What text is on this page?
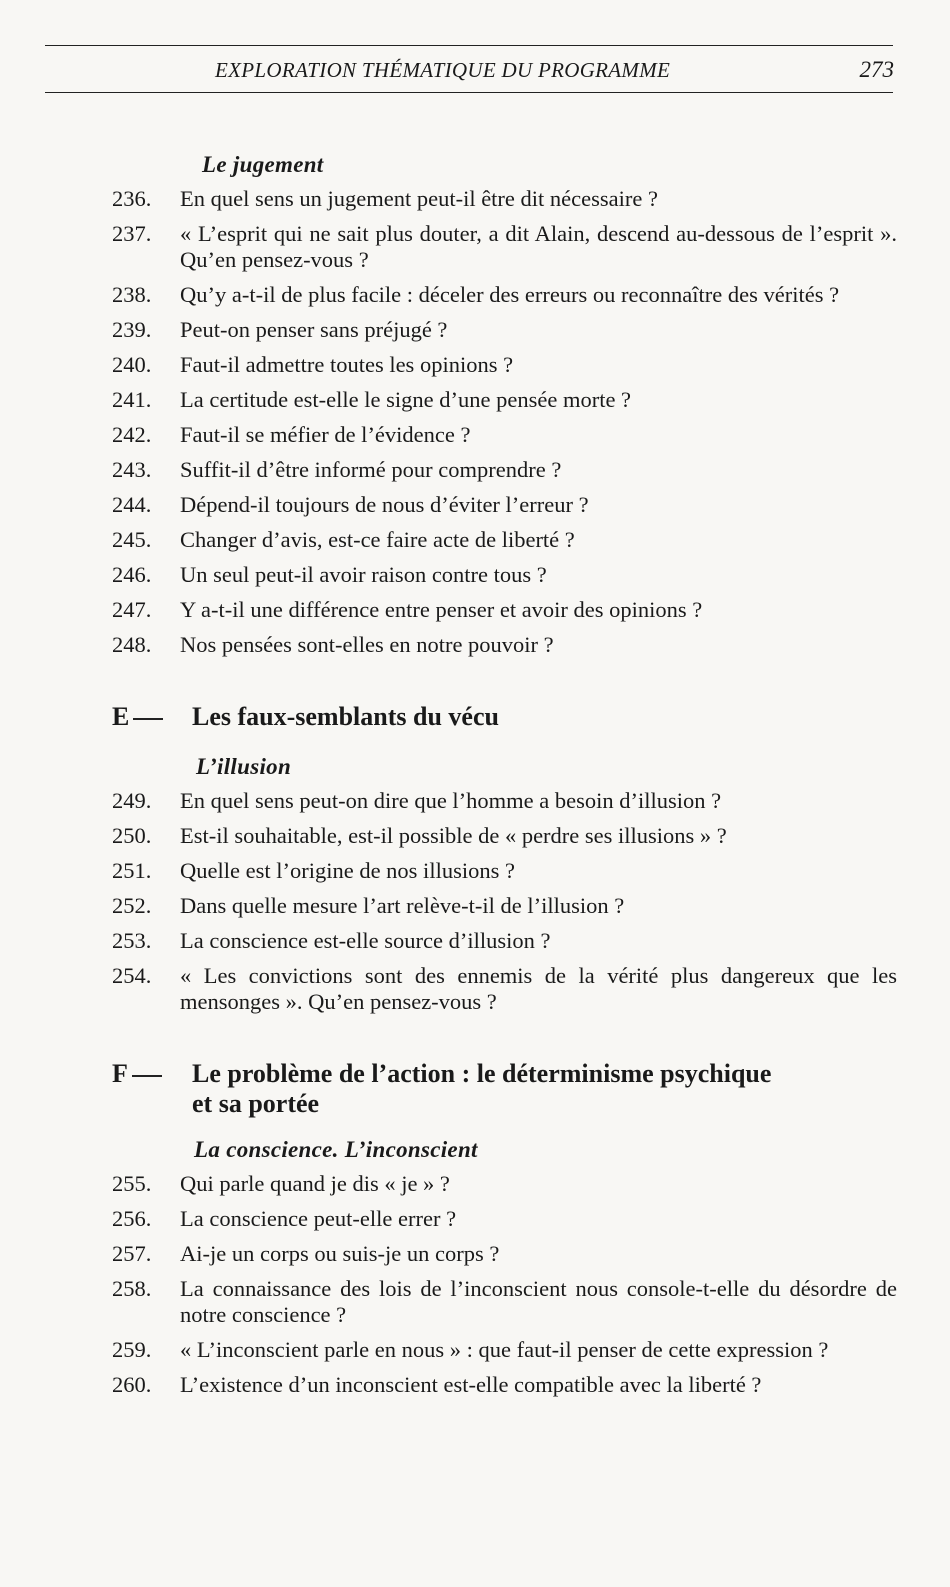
EXPLORATION THÉMATIQUE DU PROGRAMME	273
Le jugement
236.	En quel sens un jugement peut-il être dit nécessaire ?
237.	« L’esprit qui ne sait plus douter, a dit Alain, descend au-dessous de l’esprit ». Qu’en pensez-vous ?
238.	Qu’y a-t-il de plus facile : déceler des erreurs ou reconnaître des vérités ?
239.	Peut-on penser sans préjugé ?
240.	Faut-il admettre toutes les opinions ?
241.	La certitude est-elle le signe d’une pensée morte ?
242.	Faut-il se méfier de l’évidence ?
243.	Suffit-il d’être informé pour comprendre ?
244.	Dépend-il toujours de nous d’éviter l’erreur ?
245.	Changer d’avis, est-ce faire acte de liberté ?
246.	Un seul peut-il avoir raison contre tous ?
247.	Y a-t-il une différence entre penser et avoir des opinions ?
248.	Nos pensées sont-elles en notre pouvoir ?
E	Les faux-semblants du vécu
L’illusion
249.	En quel sens peut-on dire que l’homme a besoin d’illusion ?
250.	Est-il souhaitable, est-il possible de « perdre ses illusions » ?
251.	Quelle est l’origine de nos illusions ?
252.	Dans quelle mesure l’art relève-t-il de l’illusion ?
253.	La conscience est-elle source d’illusion ?
254.	« Les convictions sont des ennemis de la vérité plus dangereux que les mensonges ». Qu’en pensez-vous ?
F	Le problème de l’action : le déterminisme psychique et sa portée
La conscience. L’inconscient
255.	Qui parle quand je dis « je » ?
256.	La conscience peut-elle errer ?
257.	Ai-je un corps ou suis-je un corps ?
258.	La connaissance des lois de l’inconscient nous console-t-elle du désordre de notre conscience ?
259.	« L’inconscient parle en nous » : que faut-il penser de cette expression ?
260.	L’existence d’un inconscient est-elle compatible avec la liberté ?
